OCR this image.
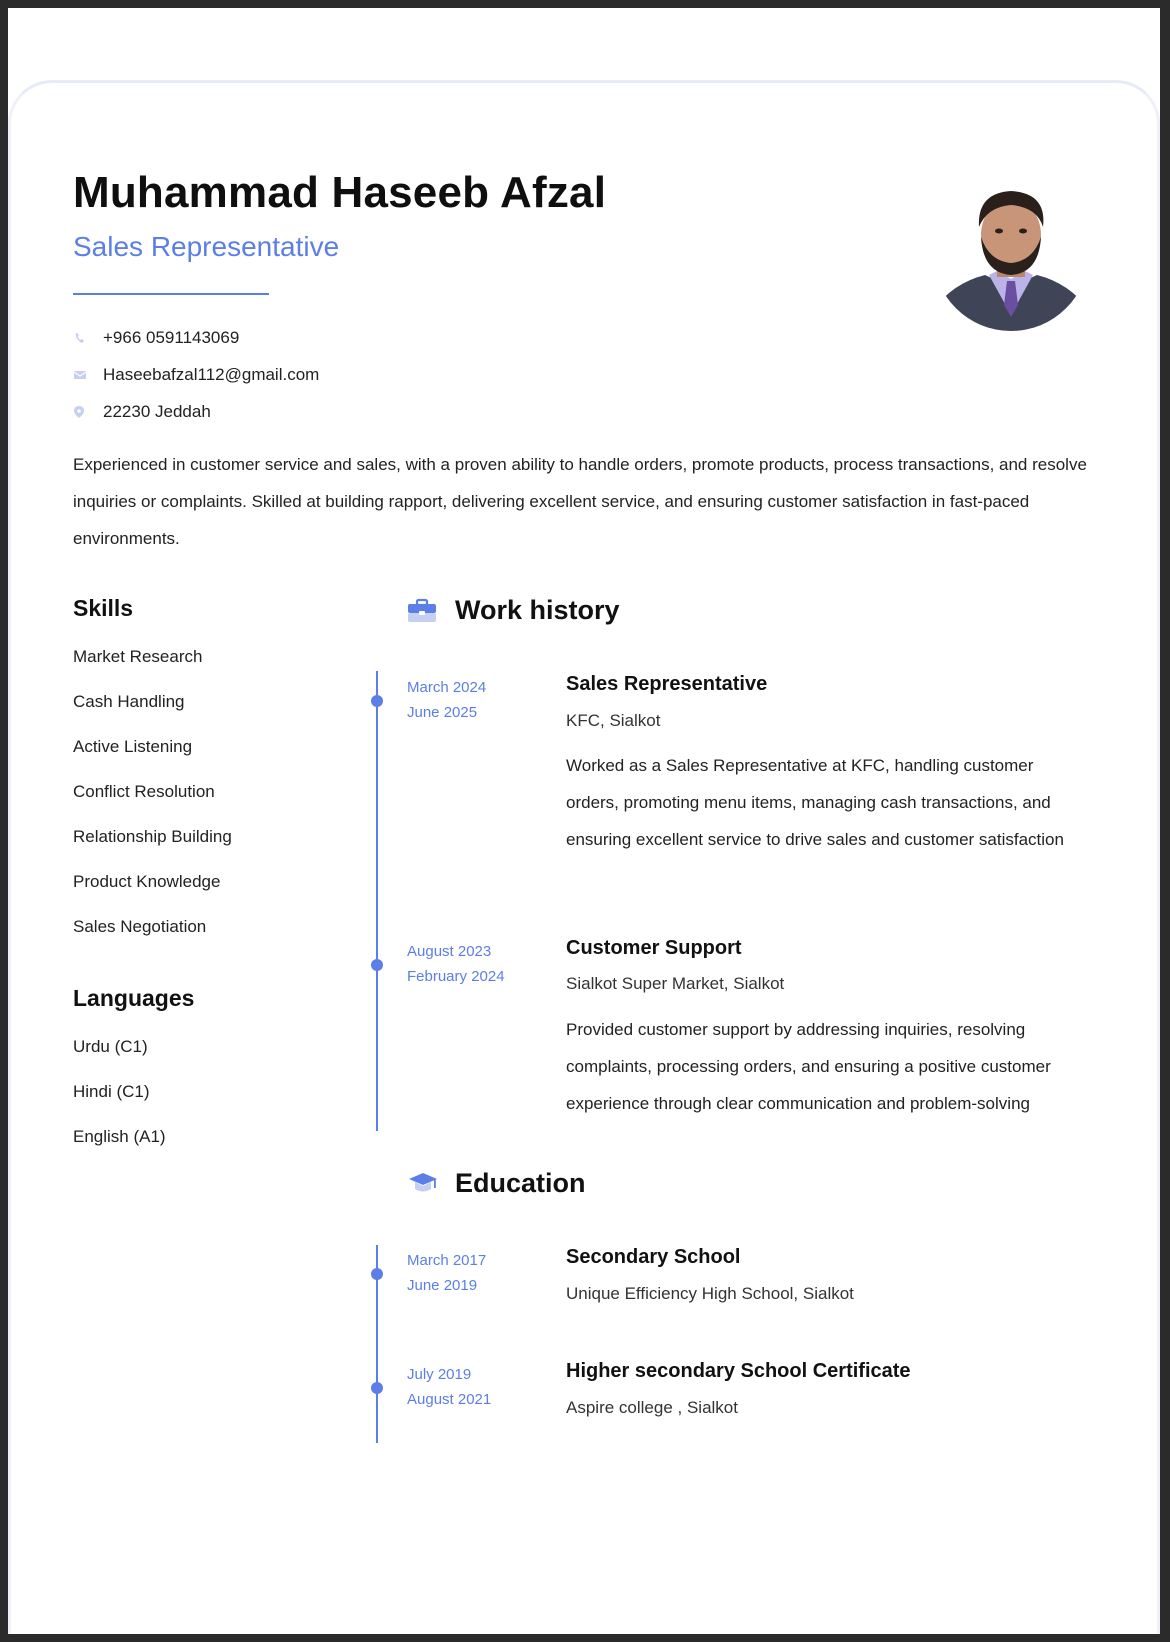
Muhammad Haseeb Afzal
Sales Representative
+966 0591143069
Haseebafzal112@gmail.com
22230 Jeddah
Experienced in customer service and sales, with a proven ability to handle orders, promote products, process transactions, and resolve inquiries or complaints. Skilled at building rapport, delivering excellent service, and ensuring customer satisfaction in fast-paced environments.
Skills
Market Research
Cash Handling
Active Listening
Conflict Resolution
Relationship Building
Product Knowledge
Sales Negotiation
Languages
Urdu (C1)
Hindi (C1)
English (A1)
Work history
March 2024
June 2025
Sales Representative
KFC, Sialkot
Worked as a Sales Representative at KFC, handling customer orders, promoting menu items, managing cash transactions, and ensuring excellent service to drive sales and customer satisfaction
August 2023
February 2024
Customer Support
Sialkot Super Market, Sialkot
Provided customer support by addressing inquiries, resolving complaints, processing orders, and ensuring a positive customer experience through clear communication and problem-solving
Education
March 2017
June 2019
Secondary School
Unique Efficiency High School, Sialkot
July 2019
August 2021
Higher secondary School Certificate
Aspire college , Sialkot
